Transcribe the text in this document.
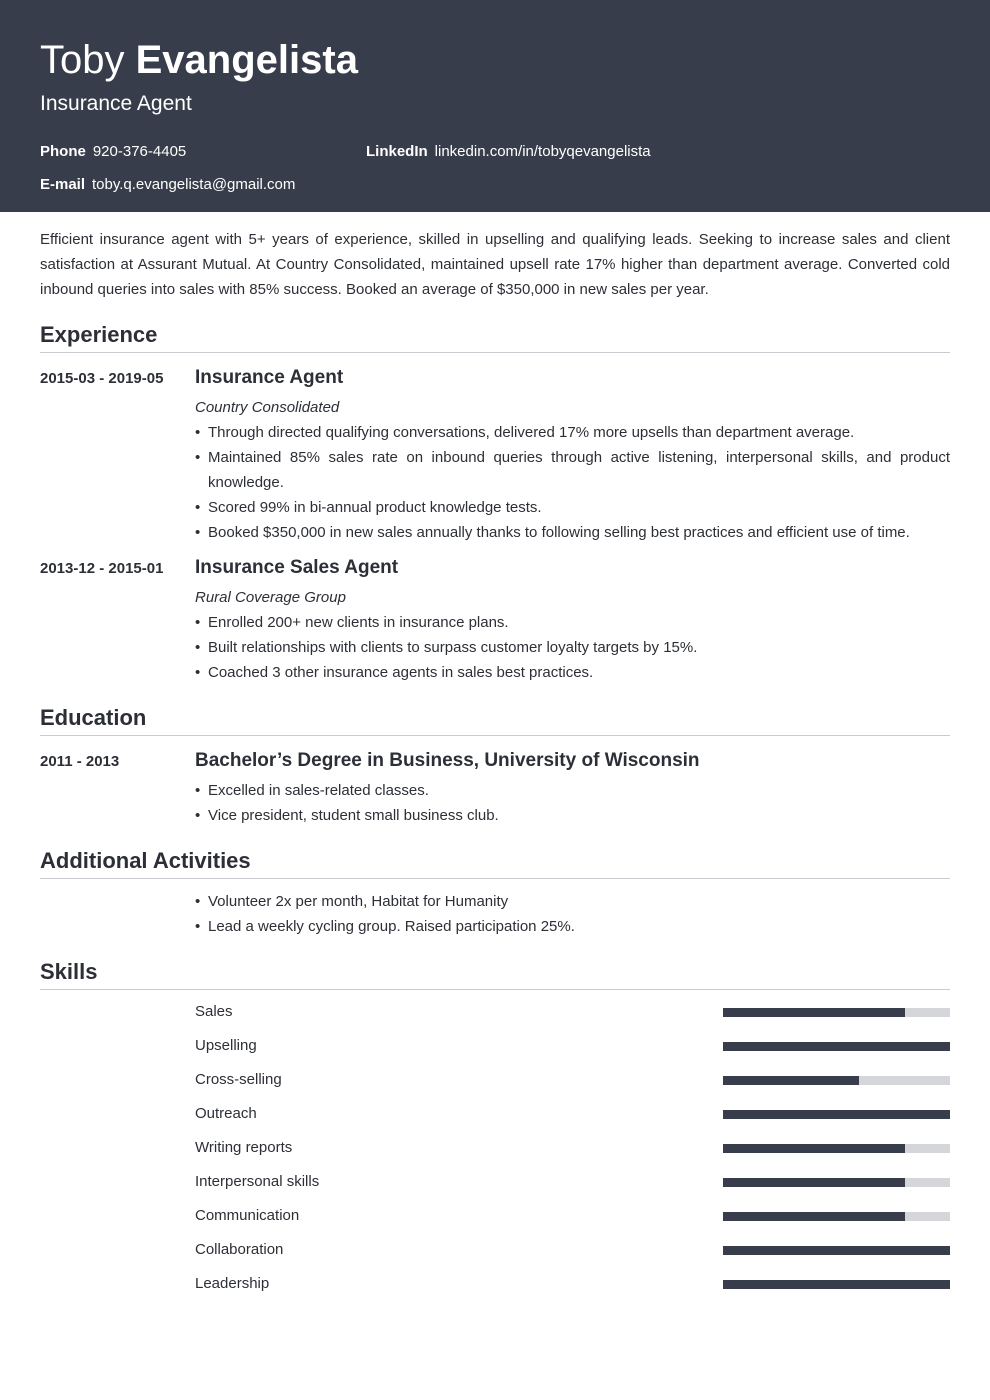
Toby Evangelista
Insurance Agent
Phone 920-376-4405	LinkedIn linkedin.com/in/tobyqevangelista
E-mail toby.q.evangelista@gmail.com

Efficient insurance agent with 5+ years of experience, skilled in upselling and qualifying leads. Seeking to increase sales and client satisfaction at Assurant Mutual. At Country Consolidated, maintained upsell rate 17% higher than department average. Converted cold inbound queries into sales with 85% success. Booked an average of $350,000 in new sales per year.

Experience
2015-03 - 2019-05 Insurance Agent
Country Consolidated
• Through directed qualifying conversations, delivered 17% more upsells than department average.
• Maintained 85% sales rate on inbound queries through active listening, interpersonal skills, and product knowledge.
• Scored 99% in bi-annual product knowledge tests.
• Booked $350,000 in new sales annually thanks to following selling best practices and efficient use of time.
2013-12 - 2015-01 Insurance Sales Agent
Rural Coverage Group
• Enrolled 200+ new clients in insurance plans.
• Built relationships with clients to surpass customer loyalty targets by 15%.
• Coached 3 other insurance agents in sales best practices.
Education
2011 - 2013	Bachelor’s Degree in Business, University of Wisconsin
• Excelled in sales-related classes.
• Vice president, student small business club.
Additional Activities
• Volunteer 2x per month, Habitat for Humanity
• Lead a weekly cycling group. Raised participation 25%.
Skills
Sales
Upselling
Cross-selling
Outreach
Writing reports
Interpersonal skills
Communication
Collaboration
Leadership
